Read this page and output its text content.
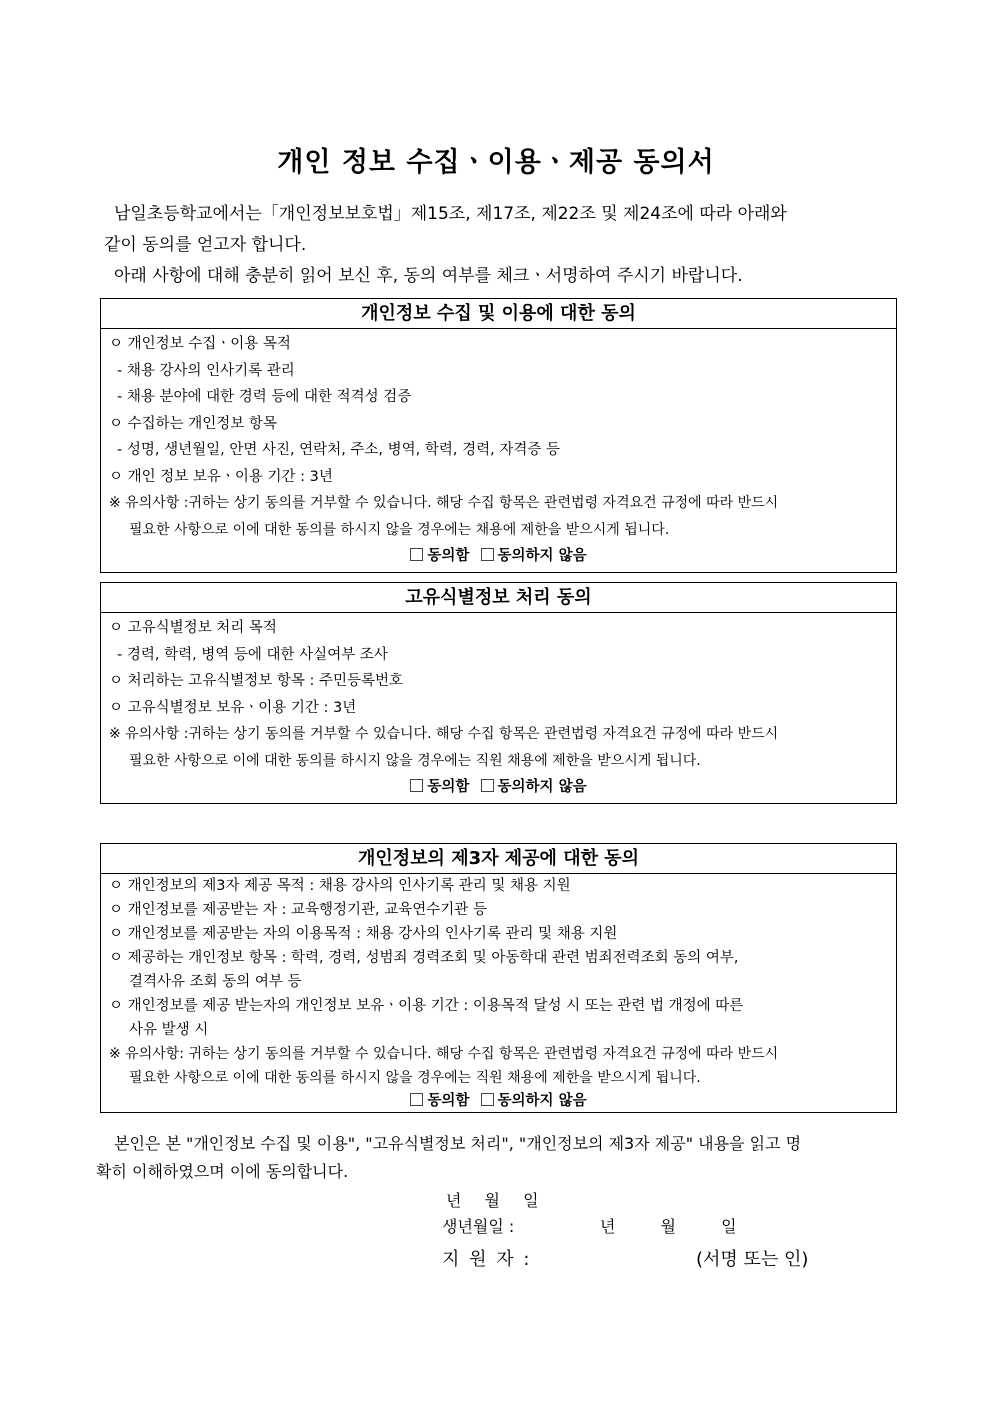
개인 정보 수집ㆍ이용ㆍ제공 동의서
남일초등학교에서는「개인정보보호법」제15조, 제17조, 제22조 및 제24조에 따라 아래와
같이 동의를 얻고자 합니다.
아래 사항에 대해 충분히 읽어 보신 후, 동의 여부를 체크ㆍ서명하여 주시기 바랍니다.
개인정보 수집 및 이용에 대한 동의
ㅇ 개인정보 수집ㆍ이용 목적
- 채용 강사의 인사기록 관리
- 채용 분야에 대한 경력 등에 대한 적격성 검증
ㅇ 수집하는 개인정보 항목
- 성명, 생년월일, 안면 사진, 연락처, 주소, 병역, 학력, 경력, 자격증 등
ㅇ 개인 정보 보유ㆍ이용 기간 : 3년
※ 유의사항 :귀하는 상기 동의를 거부할 수 있습니다. 해당 수집 항목은 관련법령 자격요건 규정에 따라 반드시
필요한 사항으로 이에 대한 동의를 하시지 않을 경우에는 채용에 제한을 받으시게 됩니다.
동의함 동의하지 않음
고유식별정보 처리 동의
ㅇ 고유식별정보 처리 목적
- 경력, 학력, 병역 등에 대한 사실여부 조사
ㅇ 처리하는 고유식별정보 항목 : 주민등록번호
ㅇ 고유식별정보 보유ㆍ이용 기간 : 3년
※ 유의사항 :귀하는 상기 동의를 거부할 수 있습니다. 해당 수집 항목은 관련법령 자격요건 규정에 따라 반드시
필요한 사항으로 이에 대한 동의를 하시지 않을 경우에는 직원 채용에 제한을 받으시게 됩니다.
동의함 동의하지 않음
개인정보의 제3자 제공에 대한 동의
ㅇ 개인정보의 제3자 제공 목적 : 채용 강사의 인사기록 관리 및 채용 지원
ㅇ 개인정보를 제공받는 자 : 교육행정기관, 교육연수기관 등
ㅇ 개인정보를 제공받는 자의 이용목적 : 채용 강사의 인사기록 관리 및 채용 지원
ㅇ 제공하는 개인정보 항목 : 학력, 경력, 성범죄 경력조회 및 아동학대 관련 범죄전력조회 동의 여부,
결격사유 조회 동의 여부 등
ㅇ 개인정보를 제공 받는자의 개인정보 보유ㆍ이용 기간 : 이용목적 달성 시 또는 관련 법 개정에 따른
사유 발생 시
※ 유의사항: 귀하는 상기 동의를 거부할 수 있습니다. 해당 수집 항목은 관련법령 자격요건 규정에 따라 반드시
필요한 사항으로 이에 대한 동의를 하시지 않을 경우에는 직원 채용에 제한을 받으시게 됩니다.
동의함 동의하지 않음
본인은 본 "개인정보 수집 및 이용", "고유식별정보 처리", "개인정보의 제3자 제공" 내용을 읽고 명
확히 이해하였으며 이에 동의합니다.
년 월 일
생년월일 :	년 월 일
지 원 자 :	(서명 또는 인)
